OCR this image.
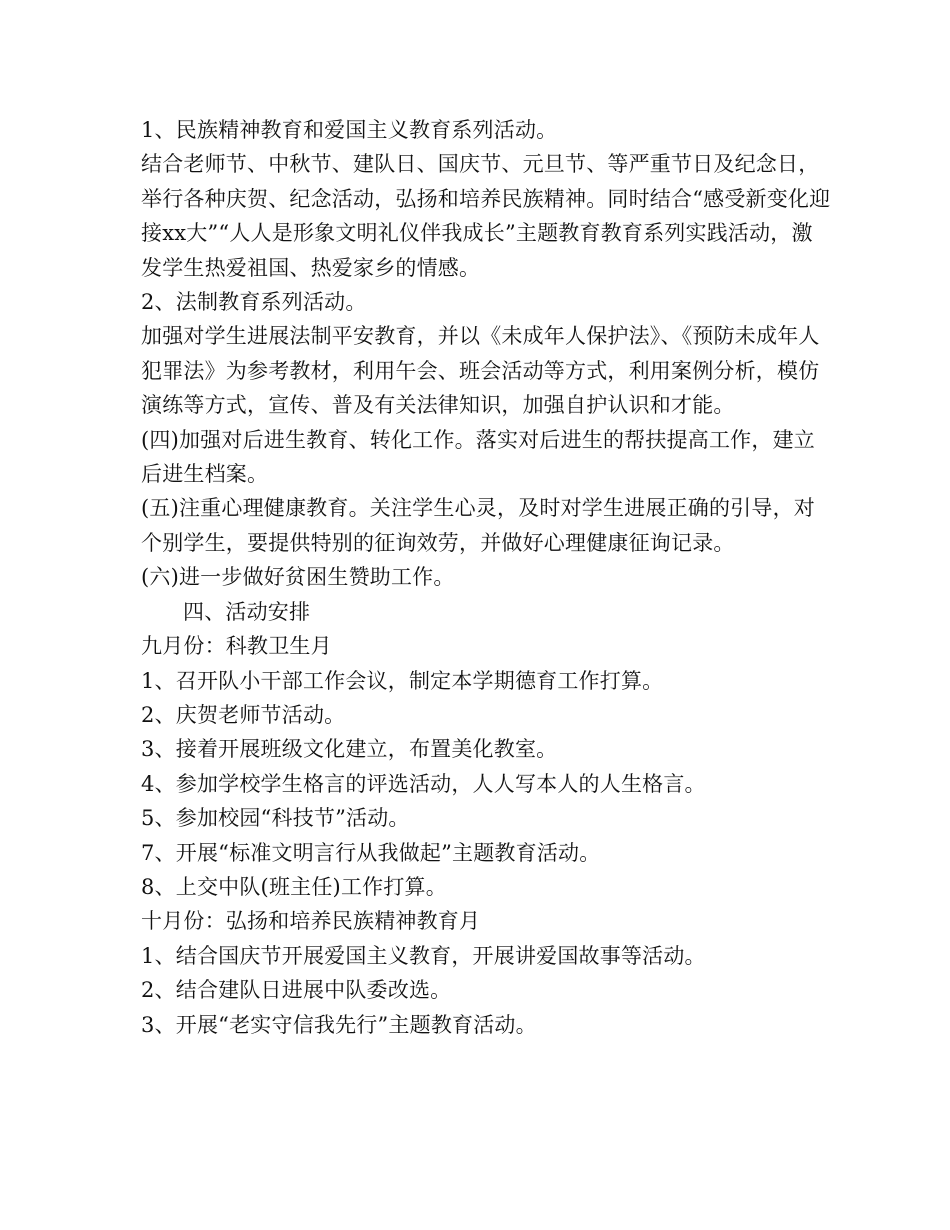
1、民族精神教育和爱国主义教育系列活动。

结合老师节、中秋节、建队日、国庆节、元旦节、等严重节日及纪念日，举行各种庆贺、纪念活动，弘扬和培养民族精神。同时结合“感受新变化迎接xx大”“人人是形象文明礼仪伴我成长”主题教育教育系列实践活动，激发学生热爱祖国、热爱家乡的情感。

2、法制教育系列活动。

加强对学生进展法制平安教育，并以《未成年人保护法》、《预防未成年人犯罪法》为参考教材，利用午会、班会活动等方式，利用案例分析，模仿演练等方式，宣传、普及有关法律知识，加强自护认识和才能。

(四)加强对后进生教育、转化工作。落实对后进生的帮扶提高工作，建立后进生档案。

(五)注重心理健康教育。关注学生心灵，及时对学生进展正确的引导，对个别学生，要提供特别的征询效劳，并做好心理健康征询记录。

(六)进一步做好贫困生赞助工作。

四、活动安排

九月份：科教卫生月

1、召开队小干部工作会议，制定本学期德育工作打算。

2、庆贺老师节活动。

3、接着开展班级文化建立，布置美化教室。

4、参加学校学生格言的评选活动，人人写本人的人生格言。

5、参加校园“科技节”活动。

7、开展“标准文明言行从我做起”主题教育活动。

8、上交中队(班主任)工作打算。

十月份：弘扬和培养民族精神教育月

1、结合国庆节开展爱国主义教育，开展讲爱国故事等活动。

2、结合建队日进展中队委改选。

3、开展“老实守信我先行”主题教育活动。
